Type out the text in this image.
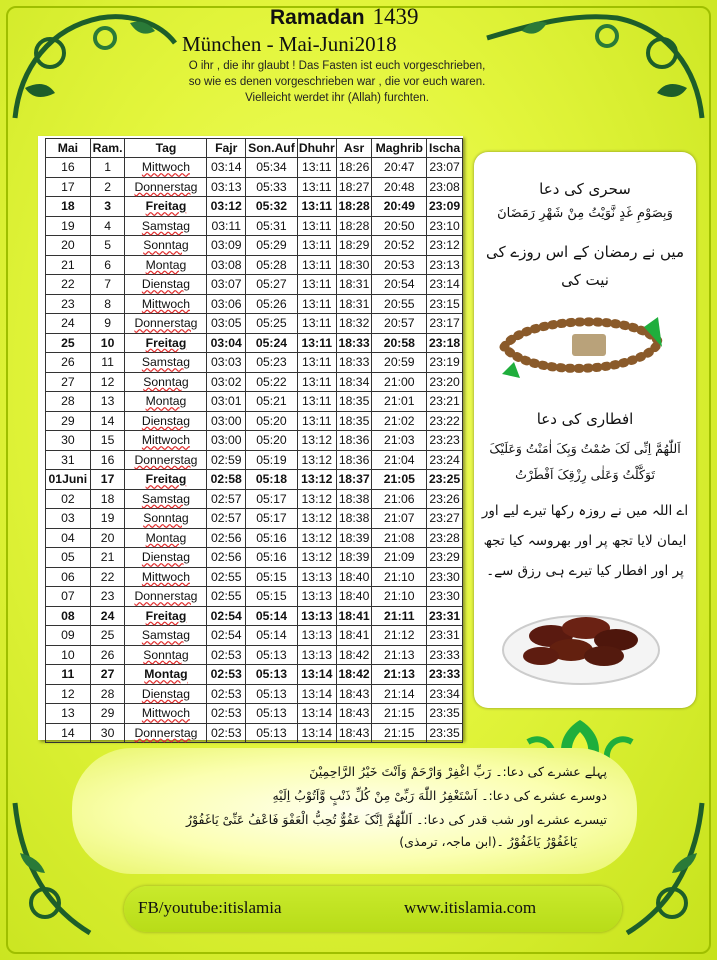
Ramadan 1439
München - Mai-Juni2018
O ihr , die ihr glaubt ! Das Fasten ist euch vorgeschrieben,
so wie es denen vorgeschrieben war , die vor euch waren.
Vielleicht werdet ihr (Allah) furchten.
Mai	Ram.	Tag	Fajr	Son.Auf	Dhuhr	Asr	Maghrib	Ischa
16	1	Mittwoch	03:14	05:34	13:11	18:26	20:47	23:07
17	2	Donnerstag	03:13	05:33	13:11	18:27	20:48	23:08
18	3	Freitag	03:12	05:32	13:11	18:28	20:49	23:09
19	4	Samstag	03:11	05:31	13:11	18:28	20:50	23:10
20	5	Sonntag	03:09	05:29	13:11	18:29	20:52	23:12
21	6	Montag	03:08	05:28	13:11	18:30	20:53	23:13
22	7	Dienstag	03:07	05:27	13:11	18:31	20:54	23:14
23	8	Mittwoch	03:06	05:26	13:11	18:31	20:55	23:15
24	9	Donnerstag	03:05	05:25	13:11	18:32	20:57	23:17
25	10	Freitag	03:04	05:24	13:11	18:33	20:58	23:18
26	11	Samstag	03:03	05:23	13:11	18:33	20:59	23:19
27	12	Sonntag	03:02	05:22	13:11	18:34	21:00	23:20
28	13	Montag	03:01	05:21	13:11	18:35	21:01	23:21
29	14	Dienstag	03:00	05:20	13:11	18:35	21:02	23:22
30	15	Mittwoch	03:00	05:20	13:12	18:36	21:03	23:23
31	16	Donnerstag	02:59	05:19	13:12	18:36	21:04	23:24
01Juni	17	Freitag	02:58	05:18	13:12	18:37	21:05	23:25
02	18	Samstag	02:57	05:17	13:12	18:38	21:06	23:26
03	19	Sonntag	02:57	05:17	13:12	18:38	21:07	23:27
04	20	Montag	02:56	05:16	13:12	18:39	21:08	23:28
05	21	Dienstag	02:56	05:16	13:12	18:39	21:09	23:29
06	22	Mittwoch	02:55	05:15	13:13	18:40	21:10	23:30
07	23	Donnerstag	02:55	05:15	13:13	18:40	21:10	23:30
08	24	Freitag	02:54	05:14	13:13	18:41	21:11	23:31
09	25	Samstag	02:54	05:14	13:13	18:41	21:12	23:31
10	26	Sonntag	02:53	05:13	13:13	18:42	21:13	23:33
11	27	Montag	02:53	05:13	13:14	18:42	21:13	23:33
12	28	Dienstag	02:53	05:13	13:14	18:43	21:14	23:34
13	29	Mittwoch	02:53	05:13	13:14	18:43	21:15	23:35
14	30	Donnerstag	02:53	05:13	13:14	18:43	21:15	23:35
سحری کی دعا
وَبِصَوْمِ غَدٍ نَّوَيْتُ مِنْ شَهْرِ رَمَضَانَ
میں نے رمضان کے اس روزے کی نیت کی
افطاری کی دعا
اَللّٰهُمَّ اِنِّی لَکَ صُمْتُ وَبِکَ اٰمَنْتُ وَعَلَيْکَ تَوَکَّلْتُ وَعَلٰی رِزْقِکَ اَفْطَرْتُ
اے اللہ میں نے روزہ رکھا تیرے لیے اور ایمان لایا تجھ پر اور بھروسہ کیا تجھ پر اور افطار کیا تیرے ہی رزق سے۔
پہلے عشرے کی دعا:۔ رَبِّ اغْفِرْ وَارْحَمْ وَاَنْتَ خَيْرُ الرَّاحِمِيْنَ
دوسرے عشرے کی دعا:۔ اَسْتَغْفِرُ اللّٰهَ رَبِّیْ مِنْ کُلِّ ذَنْبٍ وَّاَتُوْبُ اِلَيْهِ
تیسرے عشرے اور شب قدر کی دعا:۔ اَللّٰهُمَّ اِنَّکَ عَفُوٌّ تُحِبُّ الْعَفْوَ فَاعْفُ عَنِّیْ يَاغَفُوْرُ
يَاغَفُوْرُ يَاغَفُوْرُ ۔(ابن ماجہ، ترمذی)
FB/youtube:itislamia	www.itislamia.com
